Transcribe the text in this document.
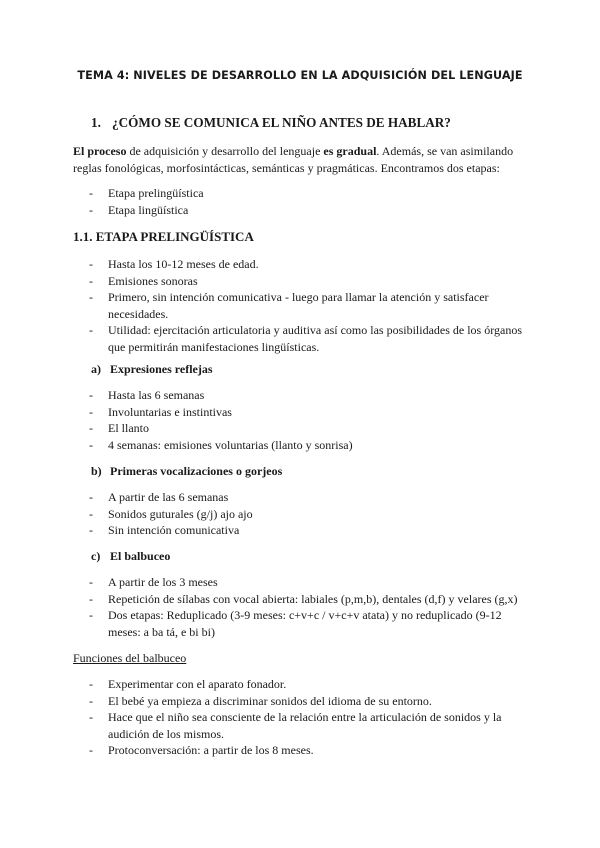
TEMA 4: NIVELES DE DESARROLLO EN LA ADQUISICIÓN DEL LENGUAJE
1. ¿CÓMO SE COMUNICA EL NIÑO ANTES DE HABLAR?
El proceso de adquisición y desarrollo del lenguaje es gradual. Además, se van asimilando reglas fonológicas, morfosintácticas, semánticas y pragmáticas. Encontramos dos etapas:
- Etapa prelingüística
- Etapa lingüística
1.1. ETAPA PRELINGÜÍSTICA
- Hasta los 10-12 meses de edad.
- Emisiones sonoras
- Primero, sin intención comunicativa - luego para llamar la atención y satisfacer necesidades.
- Utilidad: ejercitación articulatoria y auditiva así como las posibilidades de los órganos que permitirán manifestaciones lingüísticas.
a) Expresiones reflejas
- Hasta las 6 semanas
- Involuntarias e instintivas
- El llanto
- 4 semanas: emisiones voluntarias (llanto y sonrisa)
b) Primeras vocalizaciones o gorjeos
- A partir de las 6 semanas
- Sonidos guturales (g/j) ajo ajo
- Sin intención comunicativa
c) El balbuceo
- A partir de los 3 meses
- Repetición de sílabas con vocal abierta: labiales (p,m,b), dentales (d,f) y velares (g,x)
- Dos etapas: Reduplicado (3-9 meses: c+v+c / v+c+v atata) y no reduplicado (9-12 meses: a ba tá, e bi bi)
Funciones del balbuceo
- Experimentar con el aparato fonador.
- El bebé ya empieza a discriminar sonidos del idioma de su entorno.
- Hace que el niño sea consciente de la relación entre la articulación de sonidos y la audición de los mismos.
- Protoconversación: a partir de los 8 meses.
